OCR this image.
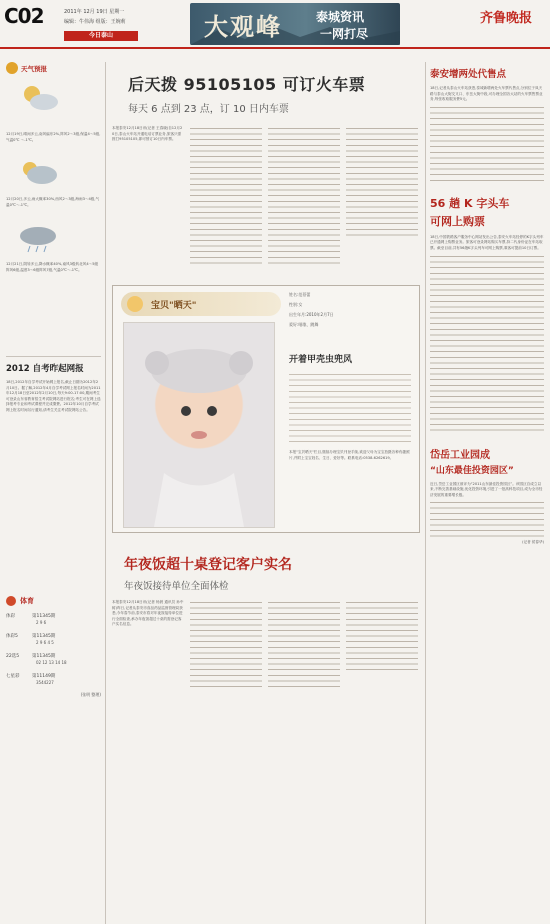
C02	2011年 12月 19日 星期一
编辑：牛伟海 组版：王婉莉
今日泰山	大观峰	泰城资讯
一网打尽
齐鲁晚报
天气预报
12月19日,晴间多云,南风偏东2%,阵风2～3级,保温4～5级,气温0℃ ～-1℃。
12月20日,多云,雨大概率30%,西风2～3级,海雨3～4级,气温0℃～-1℃。
12月21日,阴转多云,降水概率40%,南风3级转北风4～5级阵风6级,温度3～6级阵风7级,气温0℃～-1℃。
2012 自考昨起网报
18日,2012年自学考试开始网上报名,截止日期为2012年2月10日。据了解,2012年4月自学考试网上报名时间为2011年12月18日至2012年2月10日,每天9:00-17:00,期间考生可登录山东省教育招生考试院网站进行报名;考生可在网上选择报考专业和考试课程并完成缴费。2012年10月自学考试网上报名时间另行通知,请考生关注考试院网站公告。
体育
体彩	第11345期
2 9 6
体彩5	第11345期
2 9 6 4 5
22选5	第11345期
02 12 13 14 18
七星彩	第11149期
3544227
(张明 整理)
后天拨 95105105 可订火车票
每天 6 点到 23 点，订 10 日内车票
本报泰安12月18日讯(记者 王春晓)自12月20日,泰山火车站开通电话订票业务,旅客只需拨打95105105,即可预订10日内车票。
宝贝"晒天"
姓名:范蓓蕾
性别:女
出生年月:2010年2月7日
爱好:唱歌、跳舞
开着甲壳虫兜风
本报"宝贝晒天"栏目,继续办理宝贝刊登手续,欢迎父母为宝宝拍摄各种有趣照片,并附上宝宝姓名、生日、爱好等。联系电话:0538-6262619。
年夜饭超十桌登记客户实名
年夜饭接待单位全面体检
本报泰安12月18日讯(记者 杨晨 通讯员 孙中树)昨日,记者从泰安市食品药品监督管理局获悉,今年春节前,泰安市将对年夜饭接待单位进行全面检查,承办年夜饭超过十桌的需登记客户实名信息。
泰安增两处代售点
18日,记者从泰山火车站获悉,泰城新增两处火车票代售点,分别位于凤天路与泰山大街交叉口、东岳大街中段,可办理全国各大站的火车票售票业务,每张收取服务费5元。
56 趟 K 字头车
可网上购票
18日,中国铁路客户服务中心网站发出公告,泰安火车站经停的K字头列车已开通网上购票业务。旅客可登录网站购买车票,持二代身份证在车站取票。截至目前,共有56趟K字头列车可网上购票,乘客可提前10日订票。
岱岳工业园成
“山东最佳投资园区”
近日,岱岳工业园区被评为“2011山东最佳投资园区”。该园区自成立以来,不断完善基础设施,优化投资环境,引进了一批高科技项目,成为全市经济发展的重要增长极。
(记者 侯春华)
